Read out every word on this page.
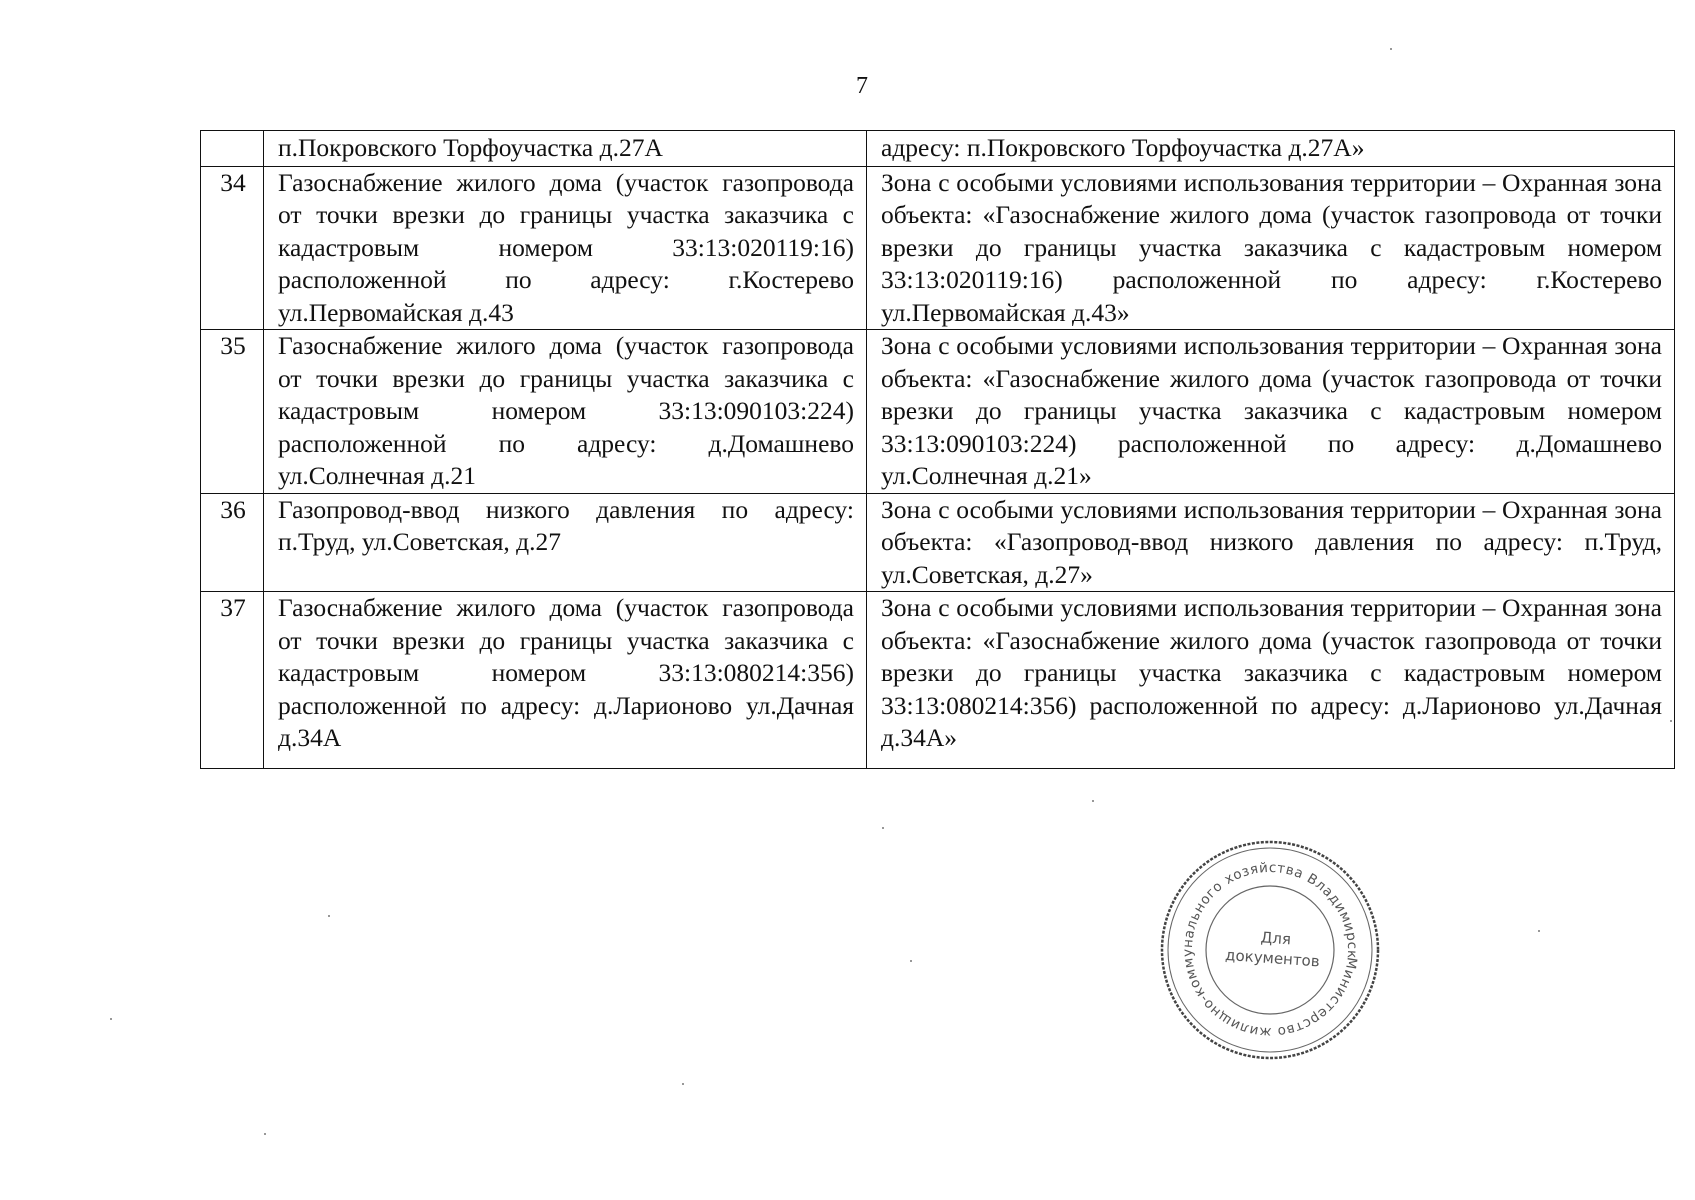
7
	п.Покровского Торфоучастка д.27А	адресу: п.Покровского Торфоучастка д.27А»
34	Газоснабжение жилого дома (участок газопровода от точки врезки до границы участка заказчика с кадастровым номером 33:13:020119:16) расположенной по адресу: г.Костерево ул.Первомайская д.43	Зона с особыми условиями использования территории – Охранная зона объекта: «Газоснабжение жилого дома (участок газопровода от точки врезки до границы участка заказчика с кадастровым номером 33:13:020119:16) расположенной по адресу: г.Костерево ул.Первомайская д.43»
35	Газоснабжение жилого дома (участок газопровода от точки врезки до границы участка заказчика с кадастровым номером 33:13:090103:224) расположенной по адресу: д.Домашнево ул.Солнечная д.21	Зона с особыми условиями использования территории – Охранная зона объекта: «Газоснабжение жилого дома (участок газопровода от точки врезки до границы участка заказчика с кадастровым номером 33:13:090103:224) расположенной по адресу: д.Домашнево ул.Солнечная д.21»
36	Газопровод-ввод низкого давления по адресу: п.Труд, ул.Советская, д.27	Зона с особыми условиями использования территории – Охранная зона объекта: «Газопровод-ввод низкого давления по адресу: п.Труд, ул.Советская, д.27»
37	Газоснабжение жилого дома (участок газопровода от точки врезки до границы участка заказчика с кадастровым номером 33:13:080214:356) расположенной по адресу: д.Ларионово ул.Дачная д.34А	Зона с особыми условиями использования территории – Охранная зона объекта: «Газоснабжение жилого дома (участок газопровода от точки врезки до границы участка заказчика с кадастровым номером 33:13:080214:356) расположенной по адресу: д.Ларионово ул.Дачная д.34А»
Министерство жилищно-коммунального хозяйства Владимирской
Для
документов
